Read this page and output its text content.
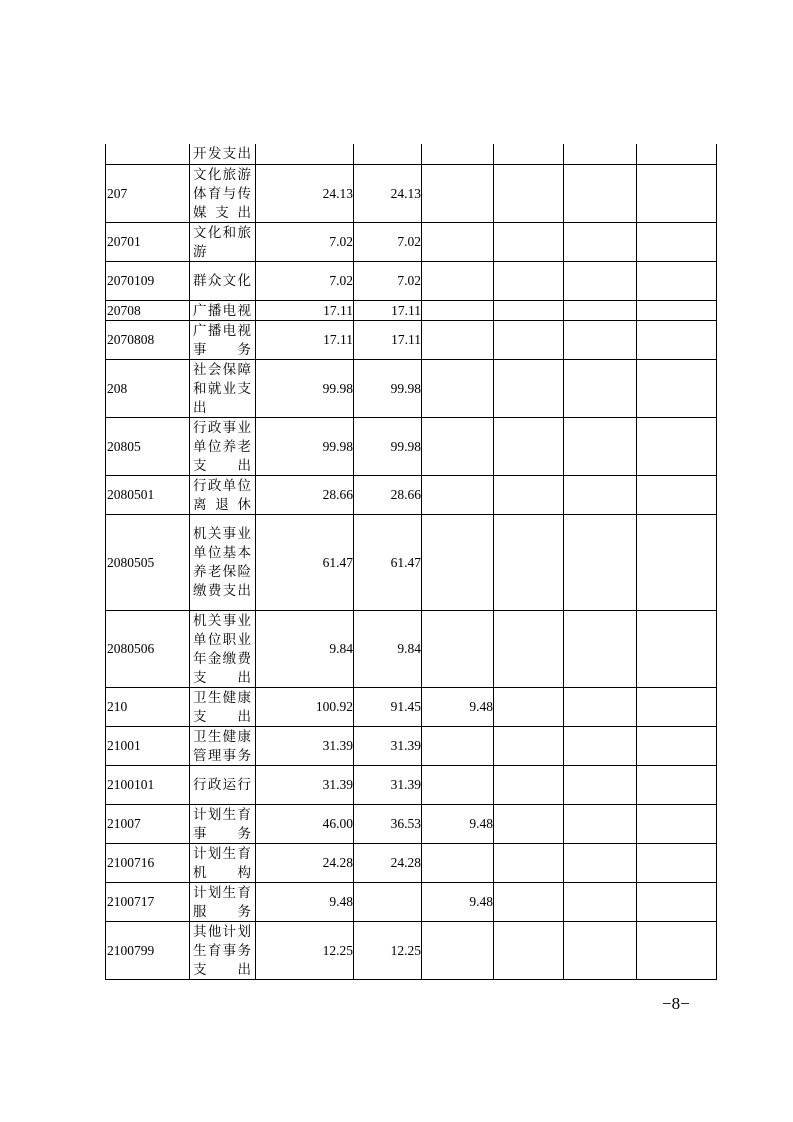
	开发支出						
207	文化旅游体育与传媒支出	24.13	24.13				
20701	文化和旅游	7.02	7.02				
2070109	群众文化	7.02	7.02				
20708	广播电视	17.11	17.11				
2070808	广播电视事务	17.11	17.11				
208	社会保障和就业支出	99.98	99.98				
20805	行政事业单位养老支出	99.98	99.98				
2080501	行政单位离退休	28.66	28.66				
2080505	机关事业单位基本养老保险缴费支出	61.47	61.47				
2080506	机关事业单位职业年金缴费支出	9.84	9.84				
210	卫生健康支出	100.92	91.45	9.48			
21001	卫生健康管理事务	31.39	31.39				
2100101	行政运行	31.39	31.39				
21007	计划生育事务	46.00	36.53	9.48			
2100716	计划生育机构	24.28	24.28				
2100717	计划生育服务	9.48		9.48			
2100799	其他计划生育事务支出	12.25	12.25				
−8−
